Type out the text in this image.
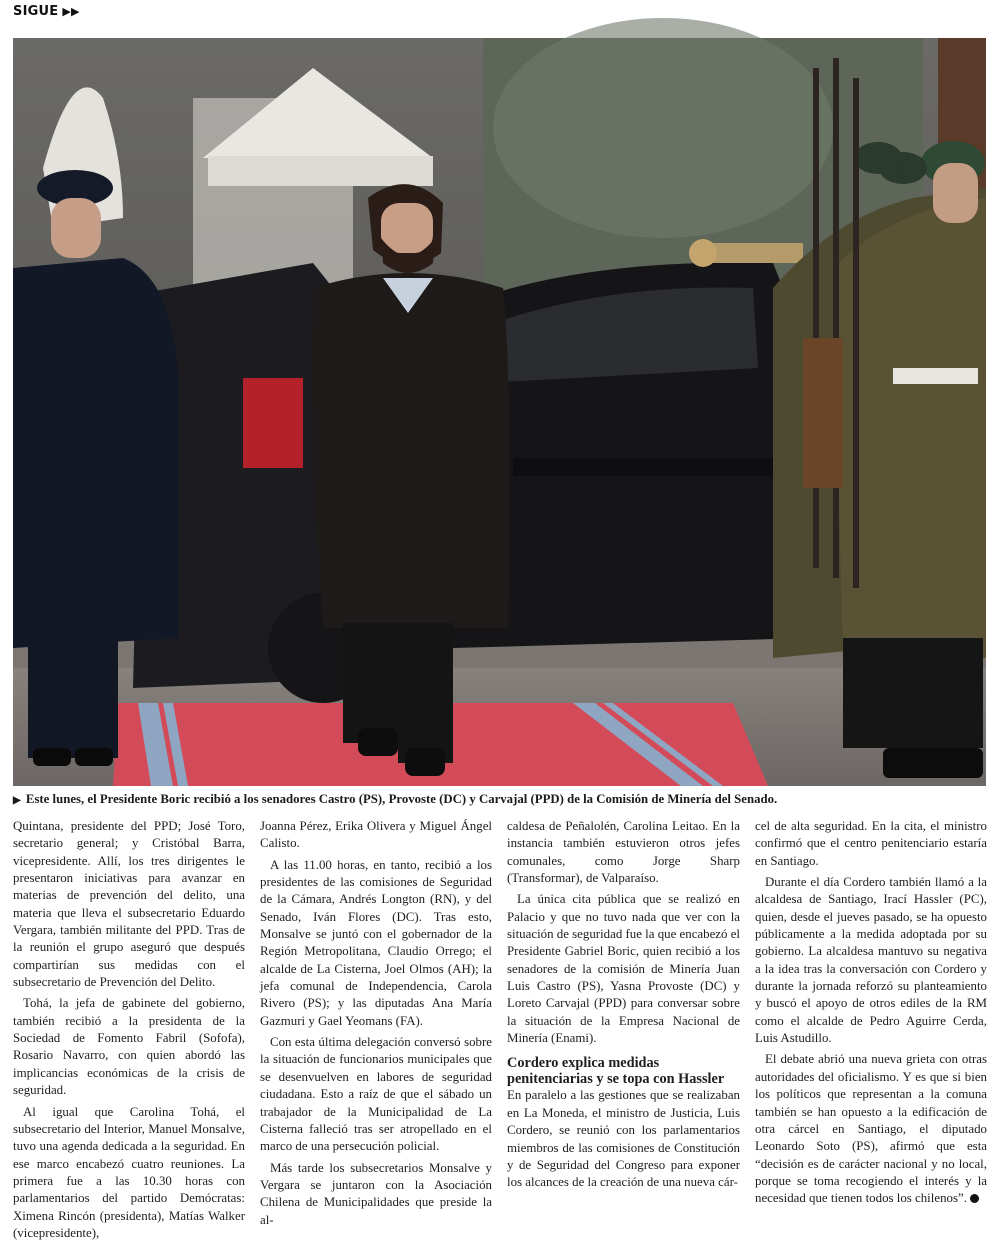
SIGUE ▶▶
▶ Este lunes, el Presidente Boric recibió a los senadores Castro (PS), Provoste (DC) y Carvajal (PPD) de la Comisión de Minería del Senado.

Quintana, presidente del PPD; José Toro, secretario general; y Cristóbal Barra, vicepresidente. Allí, los tres dirigentes le presentaron iniciativas para avanzar en materias de prevención del delito, una materia que lleva el subsecretario Eduardo Vergara, también militante del PPD. Tras de la reunión el grupo aseguró que después compartirían sus medidas con el subsecretario de Prevención del Delito.

Tohá, la jefa de gabinete del gobierno, también recibió a la presidenta de la Sociedad de Fomento Fabril (Sofofa), Rosario Navarro, con quien abordó las implicancias económicas de la crisis de seguridad.

Al igual que Carolina Tohá, el subsecretario del Interior, Manuel Monsalve, tuvo una agenda dedicada a la seguridad. En ese marco encabezó cuatro reuniones. La primera fue a las 10.30 horas con parlamentarios del partido Demócratas: Ximena Rincón (presidenta), Matías Walker (vicepresidente),

Joanna Pérez, Erika Olivera y Miguel Ángel Calisto.

A las 11.00 horas, en tanto, recibió a los presidentes de las comisiones de Seguridad de la Cámara, Andrés Longton (RN), y del Senado, Iván Flores (DC). Tras esto, Monsalve se juntó con el gobernador de la Región Metropolitana, Claudio Orrego; el alcalde de La Cisterna, Joel Olmos (AH); la jefa comunal de Independencia, Carola Rivero (PS); y las diputadas Ana María Gazmuri y Gael Yeomans (FA).

Con esta última delegación conversó sobre la situación de funcionarios municipales que se desenvuelven en labores de seguridad ciudadana. Esto a raíz de que el sábado un trabajador de la Municipalidad de La Cisterna falleció tras ser atropellado en el marco de una persecución policial.

Más tarde los subsecretarios Monsalve y Vergara se juntaron con la Asociación Chilena de Municipalidades que preside la al-

caldesa de Peñalolén, Carolina Leitao. En la instancia también estuvieron otros jefes comunales, como Jorge Sharp (Transformar), de Valparaíso.

La única cita pública que se realizó en Palacio y que no tuvo nada que ver con la situación de seguridad fue la que encabezó el Presidente Gabriel Boric, quien recibió a los senadores de la comisión de Minería Juan Luis Castro (PS), Yasna Provoste (DC) y Loreto Carvajal (PPD) para conversar sobre la situación de la Empresa Nacional de Minería (Enami).

Cordero explica medidas penitenciarias y se topa con Hassler

En paralelo a las gestiones que se realizaban en La Moneda, el ministro de Justicia, Luis Cordero, se reunió con los parlamentarios miembros de las comisiones de Constitución y de Seguridad del Congreso para exponer los alcances de la creación de una nueva cár-

cel de alta seguridad. En la cita, el ministro confirmó que el centro penitenciario estaría en Santiago.

Durante el día Cordero también llamó a la alcaldesa de Santiago, Irací Hassler (PC), quien, desde el jueves pasado, se ha opuesto públicamente a la medida adoptada por su gobierno. La alcaldesa mantuvo su negativa a la idea tras la conversación con Cordero y durante la jornada reforzó su planteamiento y buscó el apoyo de otros ediles de la RM como el alcalde de Pedro Aguirre Cerda, Luis Astudillo.

El debate abrió una nueva grieta con otras autoridades del oficialismo. Y es que si bien los políticos que representan a la comuna también se han opuesto a la edificación de otra cárcel en Santiago, el diputado Leonardo Soto (PS), afirmó que esta “decisión es de carácter nacional y no local, porque se toma recogiendo el interés y la necesidad que tienen todos los chilenos”.
